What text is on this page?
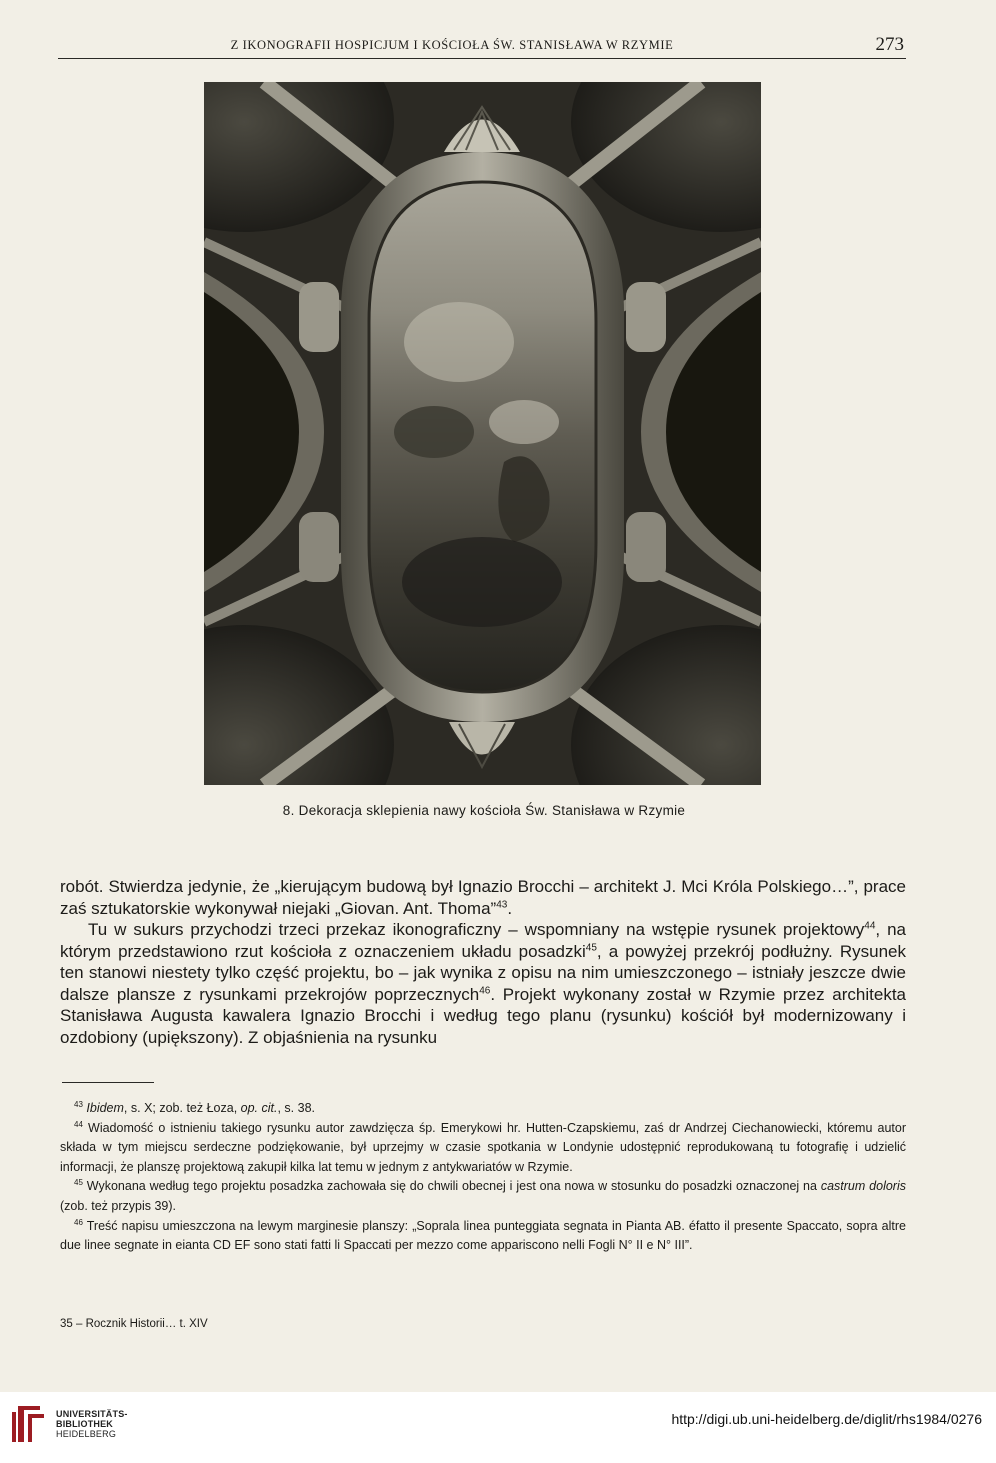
Z IKONOGRAFII HOSPICJUM I KOŚCIOŁA ŚW. STANISŁAWA W RZYMIE	273
8. Dekoracja sklepienia nawy kościoła Św. Stanisława w Rzymie

robót. Stwierdza jedynie, że „kierującym budową był Ignazio Brocchi – architekt J. Mci Króla Polskiego…”, prace zaś sztukatorskie wykonywał niejaki „Giovan. Ant. Thoma”$^{43}$.

Tu w sukurs przychodzi trzeci przekaz ikonograficzny – wspomniany na wstępie rysunek projektowy$^{44}$, na którym przedstawiono rzut kościoła z oznaczeniem układu posadzki$^{45}$, a powyżej przekrój podłużny. Rysunek ten stanowi niestety tylko część projektu, bo – jak wynika z opisu na nim umieszczonego – istniały jeszcze dwie dalsze plansze z rysunkami przekrojów poprzecznych$^{46}$. Projekt wykonany został w Rzymie przez architekta Stanisława Augusta kawalera Ignazio Brocchi i według tego planu (rysunku) kościół był modernizowany i ozdobiony (upiększony). Z objaśnienia na rysunku

$^{43}$ Ibidem, s. X; zob. też Łoza, op. cit., s. 38.

$^{44}$ Wiadomość o istnieniu takiego rysunku autor zawdzięcza śp. Emerykowi hr. Hutten-Czapskiemu, zaś dr Andrzej Ciechanowiecki, któremu autor składa w tym miejscu serdeczne podziękowanie, był uprzejmy w czasie spotkania w Londynie udostępnić reprodukowaną tu fotografię i udzielić informacji, że planszę projektową zakupił kilka lat temu w jednym z antykwariatów w Rzymie.

$^{45}$ Wykonana według tego projektu posadzka zachowała się do chwili obecnej i jest ona nowa w stosunku do posadzki oznaczonej na castrum doloris (zob. też przypis 39).

$^{46}$ Treść napisu umieszczona na lewym marginesie planszy: „Soprala linea punteggiata segnata in Pianta AB. éfatto il presente Spaccato, sopra altre due linee segnate in eianta CD EF sono stati fatti li Spaccati per mezzo come appariscono nelli Fogli N° II e N° III”.

35 – Rocznik Historii… t. XIV
UNIVERSITÄTS-
BIBLIOTHEK
HEIDELBERG
http://digi.ub.uni-heidelberg.de/diglit/rhs1984/0276
